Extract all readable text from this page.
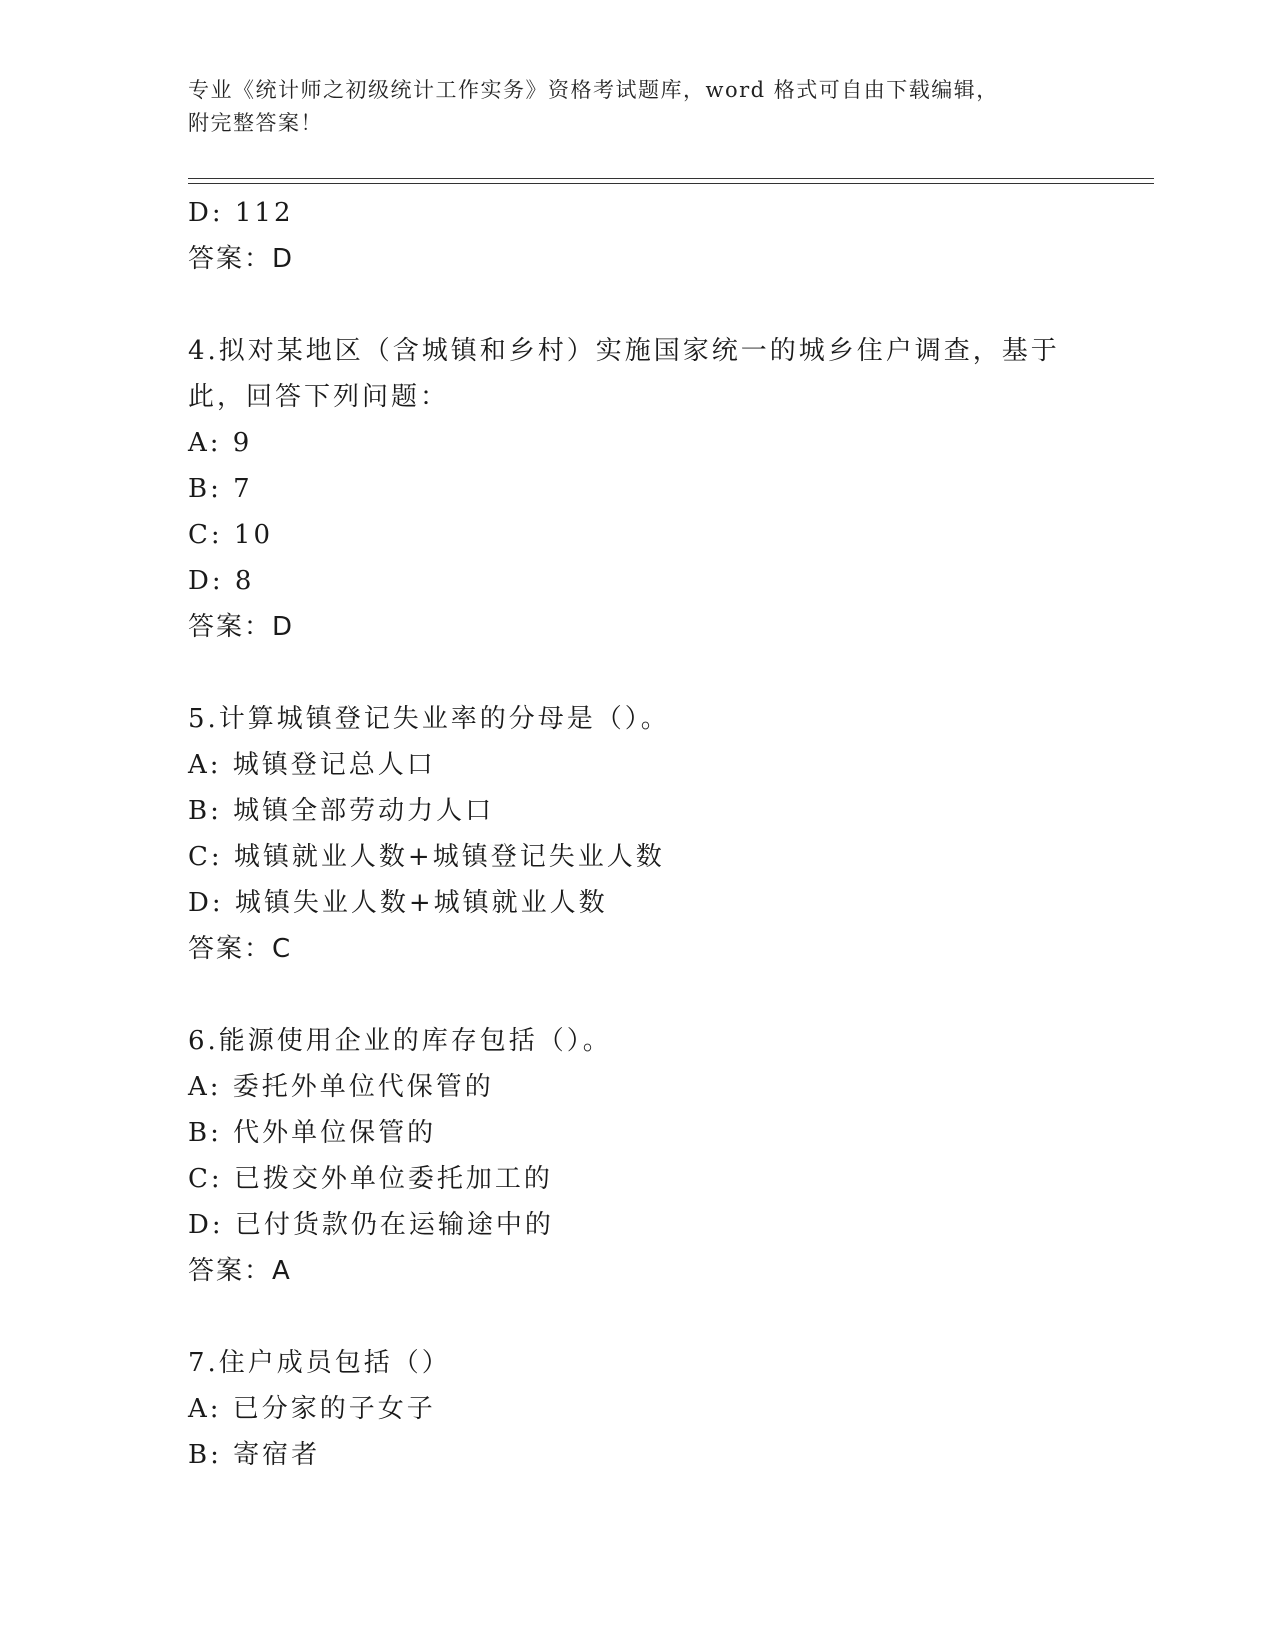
专业《统计师之初级统计工作实务》资格考试题库，word 格式可自由下载编辑，
附完整答案！
D: 112
答案：D
4.拟对某地区（含城镇和乡村）实施国家统一的城乡住户调查，基于
此，回答下列问题：
A: 9
B: 7
C: 10
D: 8
答案：D
5.计算城镇登记失业率的分母是（）。
A: 城镇登记总人口
B: 城镇全部劳动力人口
C: 城镇就业人数+城镇登记失业人数
D: 城镇失业人数+城镇就业人数
答案：C
6.能源使用企业的库存包括（）。
A: 委托外单位代保管的
B: 代外单位保管的
C: 已拨交外单位委托加工的
D: 已付货款仍在运输途中的
答案：A
7.住户成员包括（）
A: 已分家的子女子
B: 寄宿者
